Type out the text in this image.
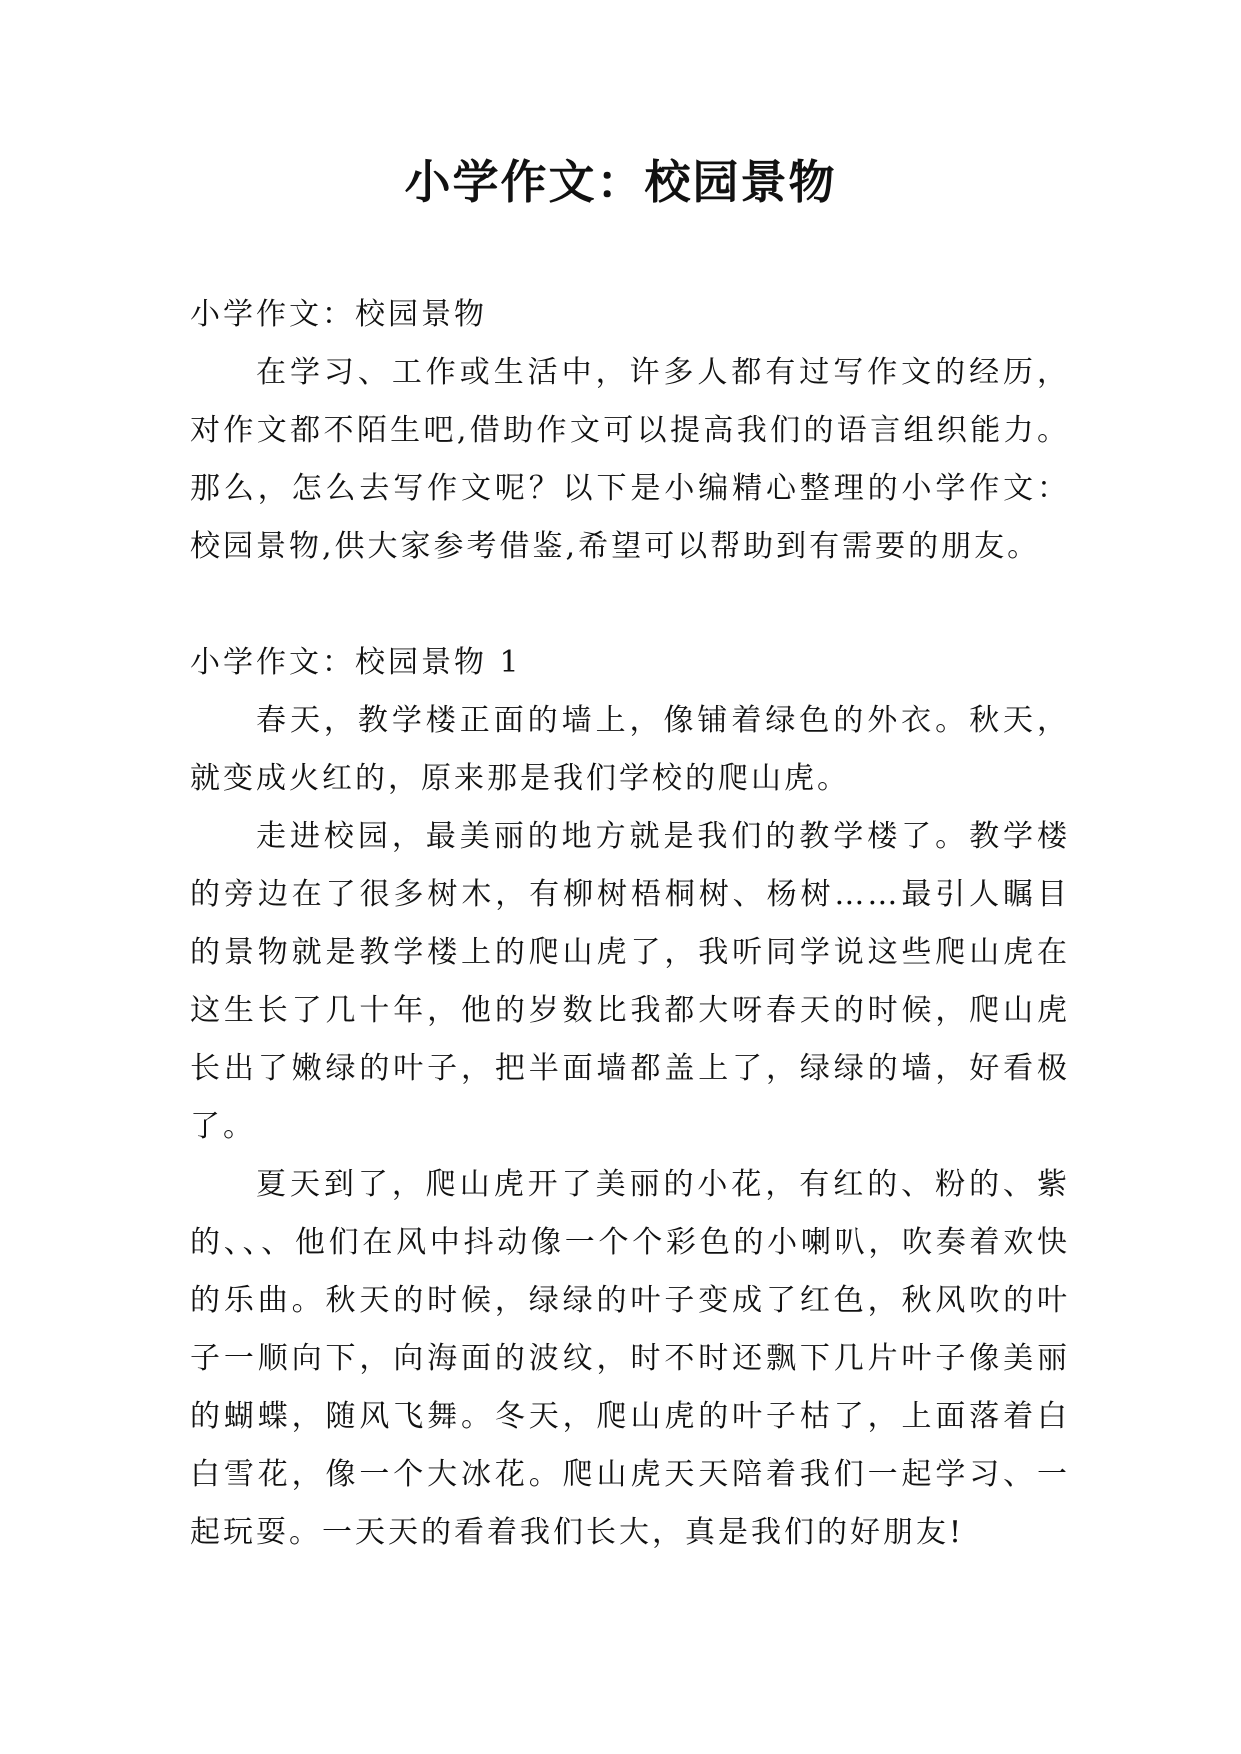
小学作文：校园景物

小学作文：校园景物

在学习、工作或生活中，许多人都有过写作文的经历，对作文都不陌生吧,借助作文可以提高我们的语言组织能力。那么，怎么去写作文呢？以下是小编精心整理的小学作文：校园景物,供大家参考借鉴,希望可以帮助到有需要的朋友。

小学作文：校园景物 1

春天，教学楼正面的墙上，像铺着绿色的外衣。秋天，就变成火红的，原来那是我们学校的爬山虎。

走进校园，最美丽的地方就是我们的教学楼了。教学楼的旁边在了很多树木，有柳树梧桐树、杨树……最引人瞩目的景物就是教学楼上的爬山虎了，我听同学说这些爬山虎在这生长了几十年，他的岁数比我都大呀春天的时候，爬山虎长出了嫩绿的叶子，把半面墙都盖上了，绿绿的墙，好看极了。

夏天到了，爬山虎开了美丽的小花，有红的、粉的、紫的、、、他们在风中抖动像一个个彩色的小喇叭，吹奏着欢快的乐曲。秋天的时候，绿绿的叶子变成了红色，秋风吹的叶子一顺向下，向海面的波纹，时不时还飘下几片叶子像美丽的蝴蝶，随风飞舞。冬天，爬山虎的叶子枯了，上面落着白白雪花，像一个大冰花。爬山虎天天陪着我们一起学习、一起玩耍。一天天的看着我们长大，真是我们的好朋友!
